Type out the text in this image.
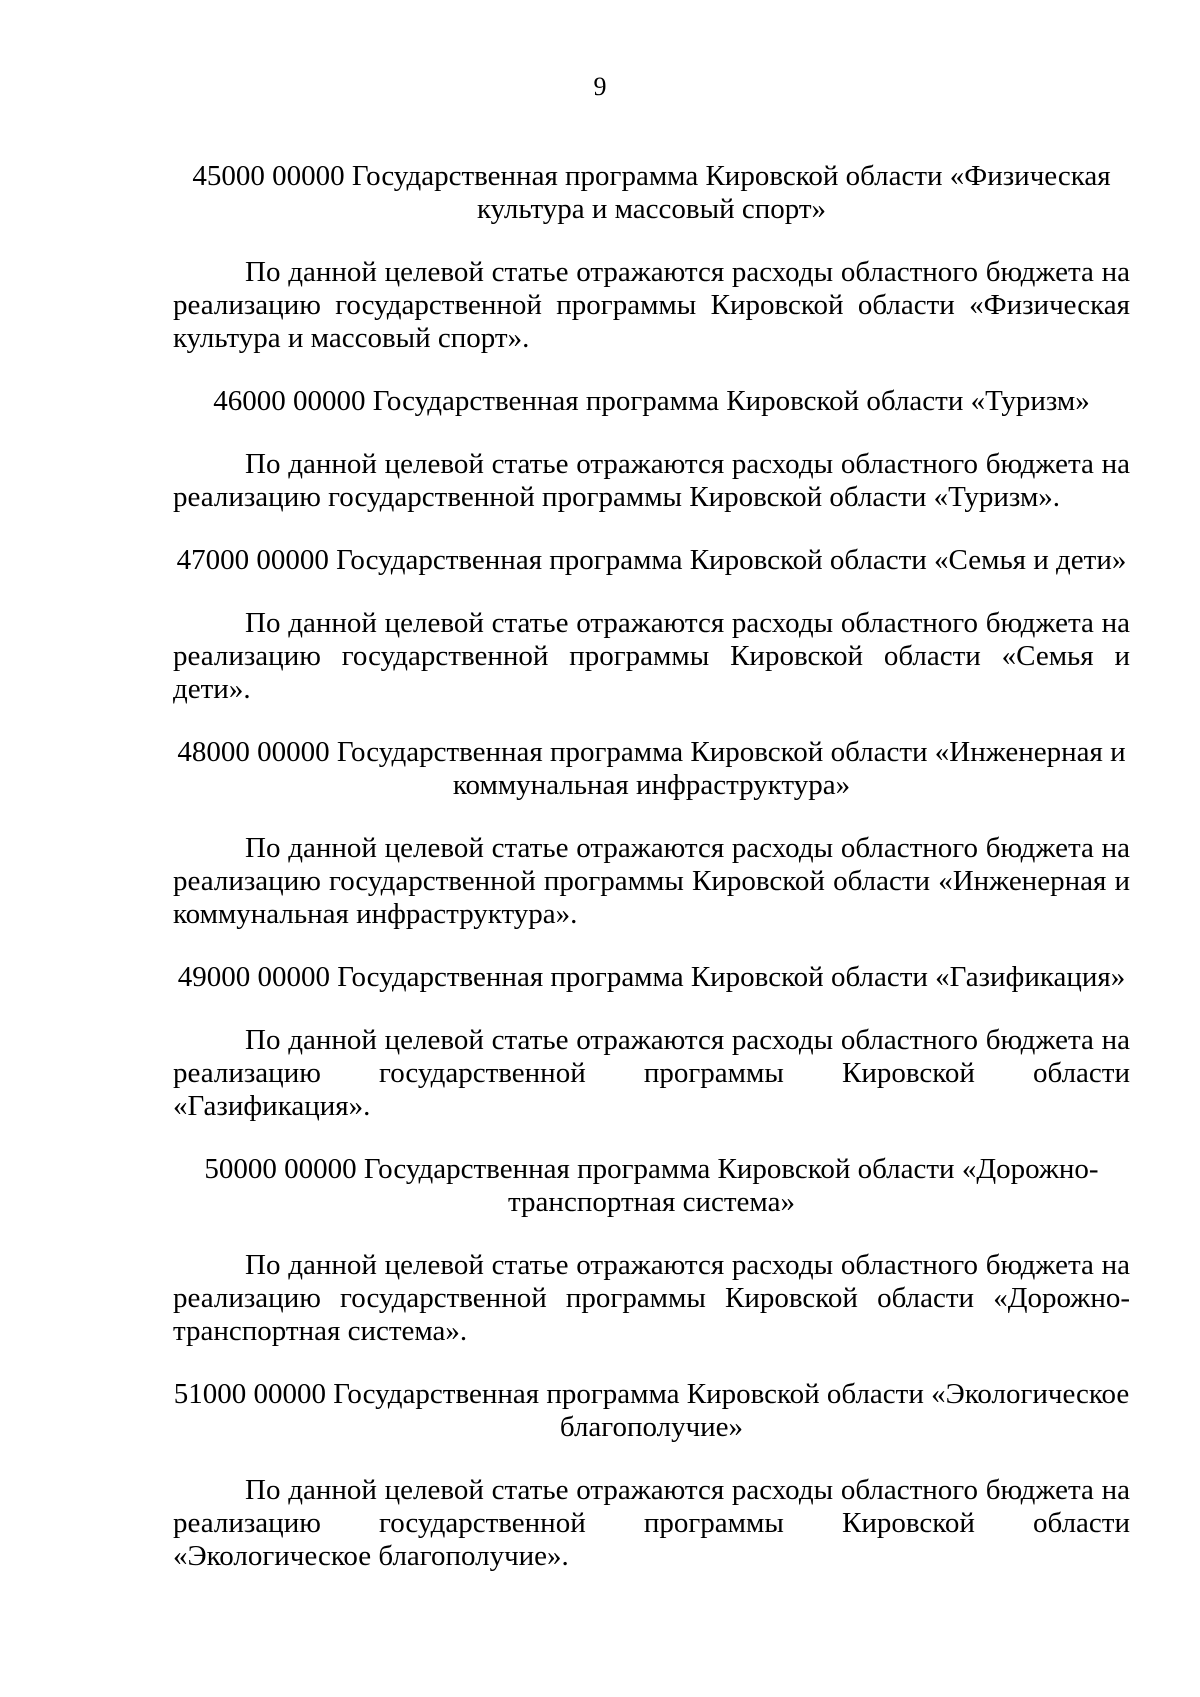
9

45000 00000 Государственная программа Кировской области «Физическая
культура и массовый спорт»

По данной целевой статье отражаются расходы областного бюджета на реализацию государственной программы Кировской области «Физическая культура и массовый спорт».

46000 00000 Государственная программа Кировской области «Туризм»

По данной целевой статье отражаются расходы областного бюджета на реализацию государственной программы Кировской области «Туризм».

47000 00000 Государственная программа Кировской области «Семья и дети»

По данной целевой статье отражаются расходы областного бюджета на реализацию государственной программы Кировской области «Семья и дети».

48000 00000 Государственная программа Кировской области «Инженерная и
коммунальная инфраструктура»

По данной целевой статье отражаются расходы областного бюджета на реализацию государственной программы Кировской области «Инженерная и коммунальная инфраструктура».

49000 00000 Государственная программа Кировской области «Газификация»

По данной целевой статье отражаются расходы областного бюджета на реализацию государственной программы Кировской области «Газификация».

50000 00000 Государственная программа Кировской области «Дорожно-
транспортная система»

По данной целевой статье отражаются расходы областного бюджета на реализацию государственной программы Кировской области «Дорожно-транспортная система».

51000 00000 Государственная программа Кировской области «Экологическое
благополучие»

По данной целевой статье отражаются расходы областного бюджета на реализацию государственной программы Кировской области «Экологическое благополучие».
